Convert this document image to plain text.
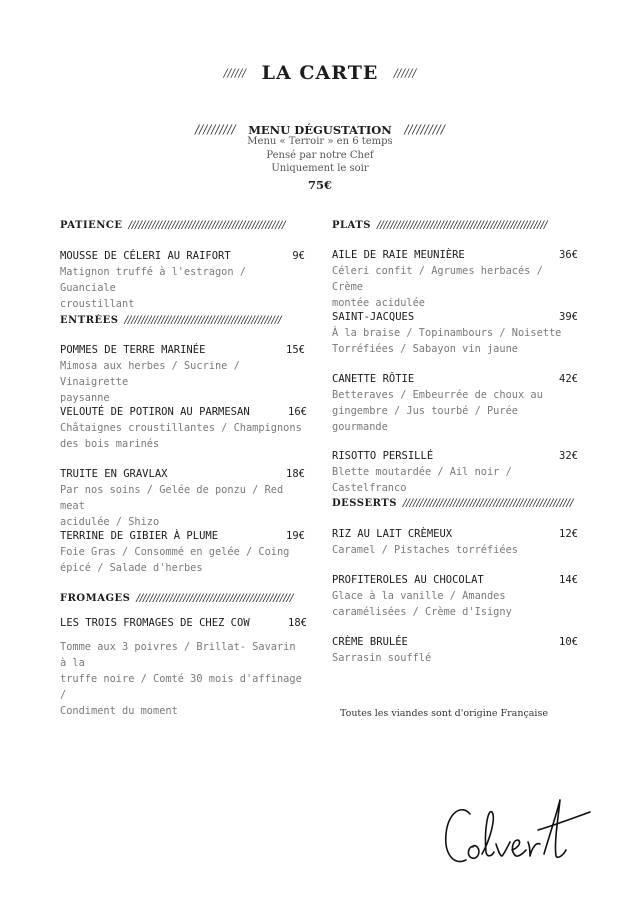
////// LA CARTE //////
////////// MENU DÉGUSTATION //////////
Menu « Terroir » en 6 temps
Pensé par notre Chef
Uniquement le soir
75€
PATIENCE ///////////////////////////////////////////////
MOUSSE DE CÉLERI AU RAIFORT	9€
Matignon truffé à l'estragon / Guanciale
croustillant
ENTRÉES ///////////////////////////////////////////////
POMMES DE TERRE MARINÉE	15€
Mimosa aux herbes / Sucrine / Vinaigrette
paysanne
VELOUTÉ DE POTIRON AU PARMESAN	16€
Châtaignes croustillantes / Champignons
des bois marinés
TRUITE EN GRAVLAX	18€
Par nos soins / Gelée de ponzu / Red meat
acidulée / Shizo
TERRINE DE GIBIER À PLUME	19€
Foie Gras / Consommé en gelée / Coing
épicé / Salade d'herbes
FROMAGES ///////////////////////////////////////////////
LES TROIS FROMAGES DE CHEZ COW	18€
Tomme aux 3 poivres / Brillat- Savarin à la
truffe noire / Comté 30 mois d'affinage /
Condiment du moment
PLATS ///////////////////////////////////////////////////
AILE DE RAIE MEUNIÈRE	36€
Céleri confit / Agrumes herbacés / Crème
montée acidulée
SAINT-JACQUES	39€
À la braise / Topinambours / Noisette
Torréfiées / Sabayon vin jaune
CANETTE RÔTIE	42€
Betteraves / Embeurrée de choux au
gingembre / Jus tourbé / Purée
gourmande
RISOTTO PERSILLÉ	32€
Blette moutardée / Ail noir / Castelfranco
DESSERTS ///////////////////////////////////////////////////
RIZ AU LAIT CRÈMEUX	12€
Caramel / Pistaches torréfiées
PROFITEROLES AU CHOCOLAT	14€
Glace à la vanille / Amandes
caramélisées / Crème d'Isigny
CRÈME BRULÉE	10€
Sarrasin soufflé
Toutes les viandes sont d'origine Française
